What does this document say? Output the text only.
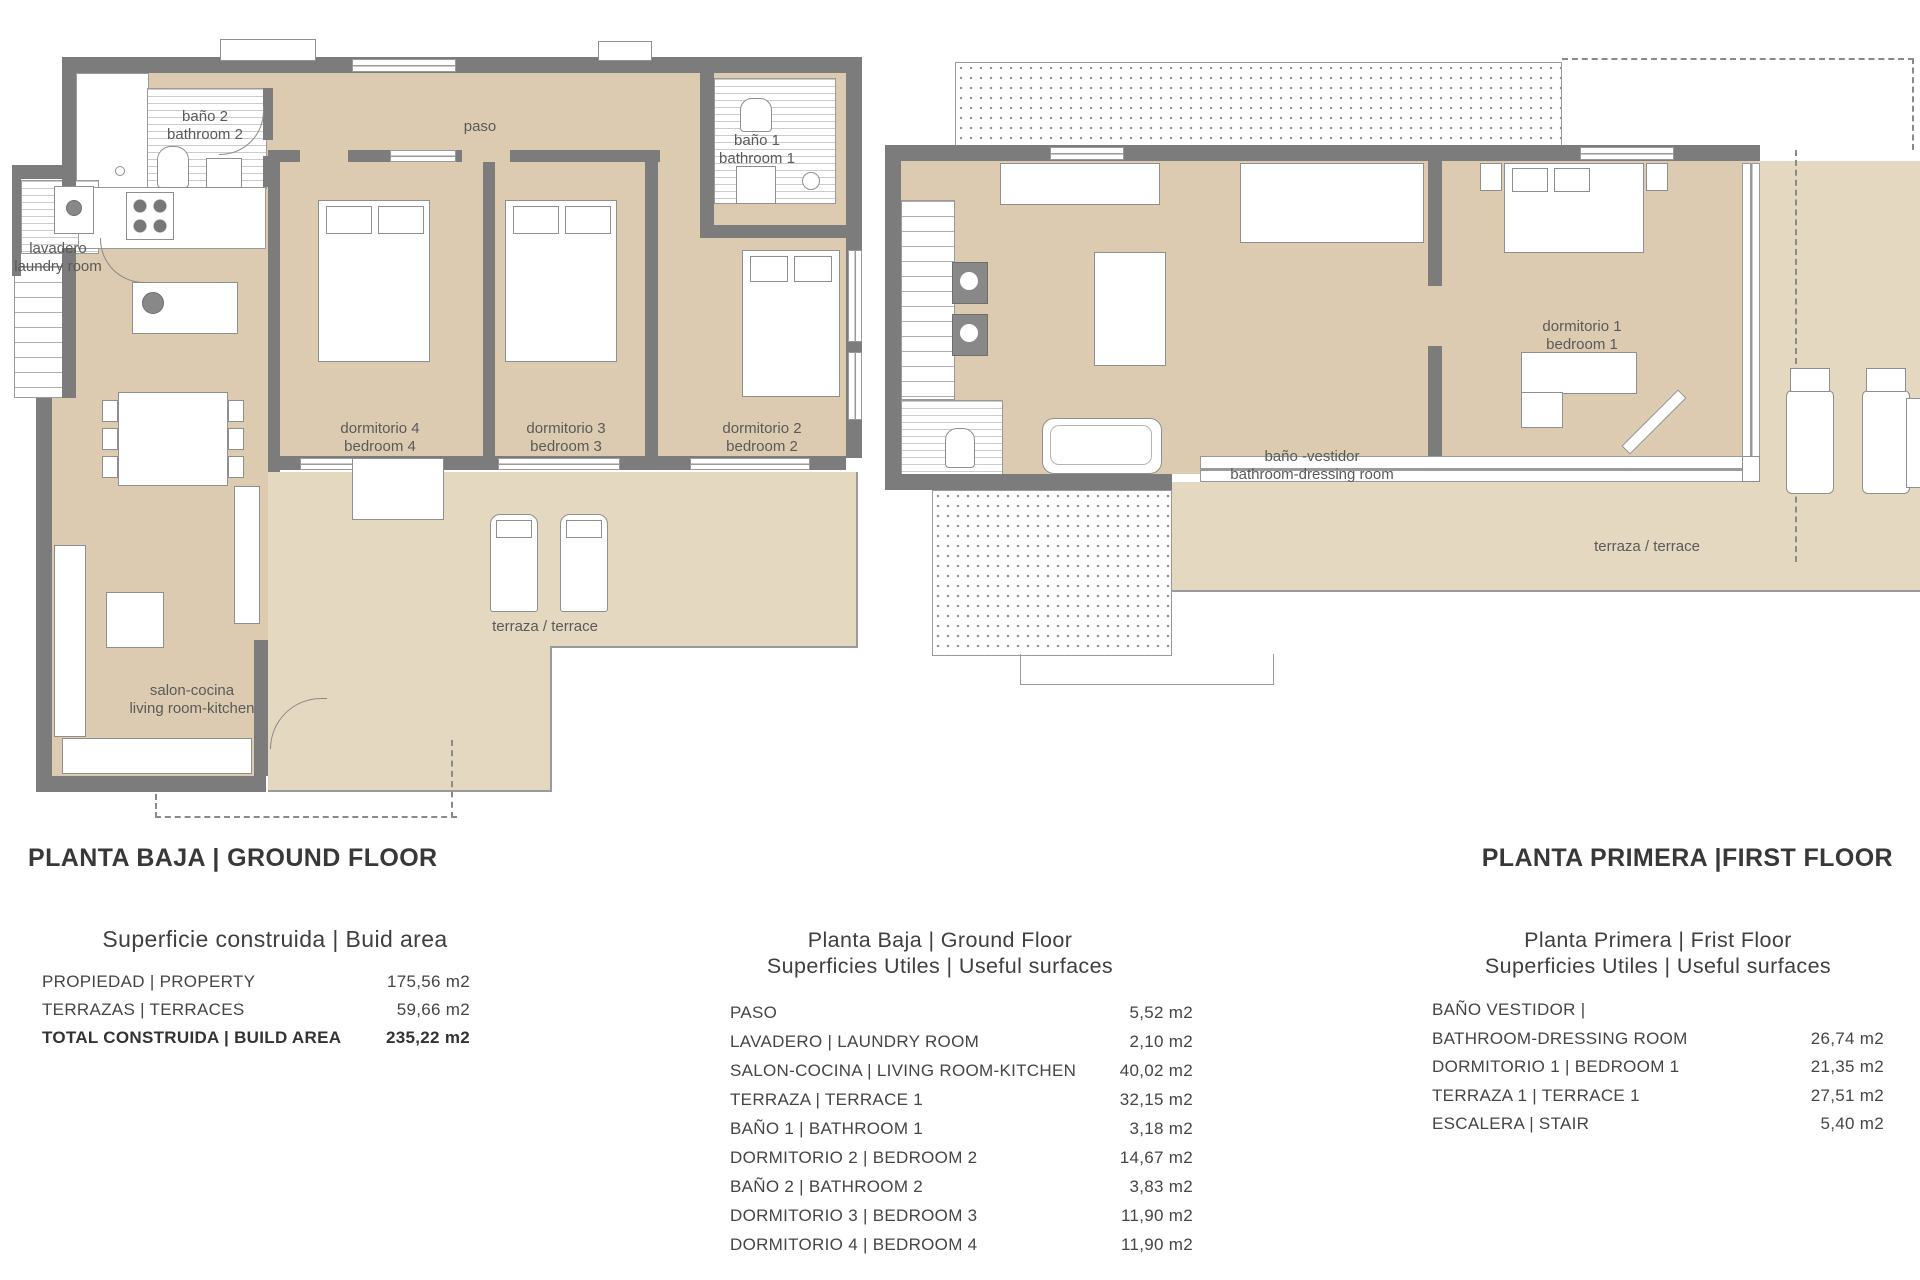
baño 2
bathroom 2
lavadero
laundry room
paso
baño 1
bathroom 1
dormitorio 4
bedroom 4
dormitorio 3
bedroom 3
dormitorio 2
bedroom 2
salon-cocina
living room-kitchen
terraza / terrace
baño -vestidor
bathroom-dressing room
dormitorio 1
bedroom 1
terraza / terrace
PLANTA BAJA | GROUND FLOOR	PLANTA PRIMERA |FIRST FLOOR
Superficie construida | Buid area
PROPIEDAD | PROPERTY	175,56 m2
TERRAZAS | TERRACES	59,66 m2
TOTAL CONSTRUIDA | BUILD AREA	235,22 m2
Planta Baja | Ground Floor
Superficies Utiles | Useful surfaces
PASO	5,52 m2
LAVADERO | LAUNDRY ROOM	2,10 m2
SALON-COCINA | LIVING ROOM-KITCHEN	40,02 m2
TERRAZA | TERRACE 1	32,15 m2
BAÑO 1 | BATHROOM 1	3,18 m2
DORMITORIO 2 | BEDROOM 2	14,67 m2
BAÑO 2 | BATHROOM 2	3,83 m2
DORMITORIO 3 | BEDROOM 3	11,90 m2
DORMITORIO 4 | BEDROOM 4	11,90 m2
Planta Primera | Frist Floor
Superficies Utiles | Useful surfaces
BAÑO VESTIDOR |
BATHROOM-DRESSING ROOM	26,74 m2
DORMITORIO 1 | BEDROOM 1	21,35 m2
TERRAZA 1 | TERRACE 1	27,51 m2
ESCALERA | STAIR	5,40 m2
